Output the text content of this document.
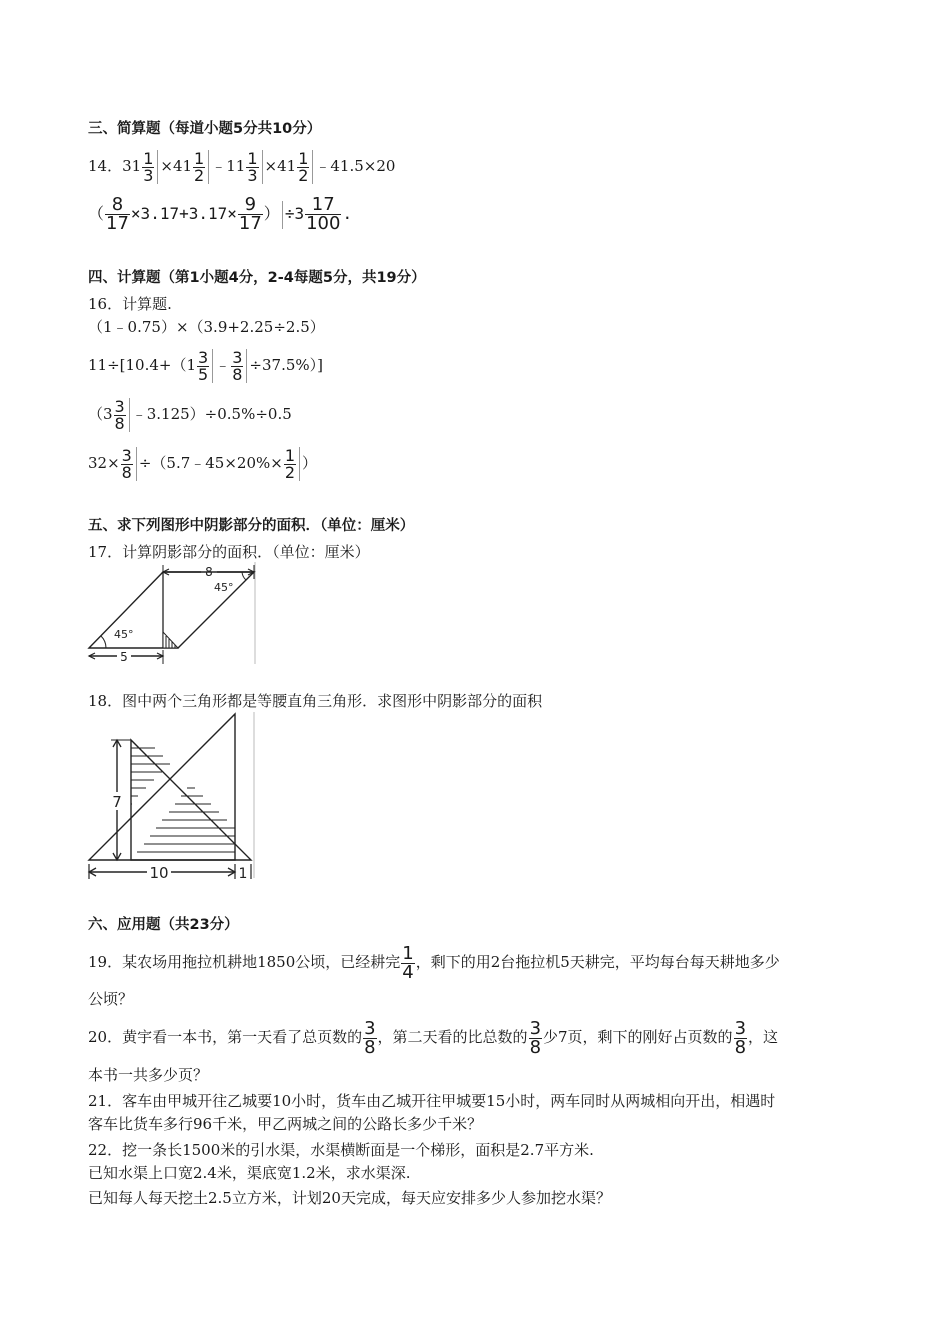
三、简算题（每道小题5分共10分）
14．$31 \frac{1}{3} \times 41 \frac{1}{2}$ ﹣11 $\frac{1}{3} \times 41 \frac{1}{2}$ ﹣41.5×20
（ $\frac{8}{17} \times 3.17+3.17\times \frac{9}{17}$ ） $\div 3 \frac{17}{100}$ .
四、计算题（第1小题4分，2-4每题5分，共19分）
16．计算题.
（1﹣0.75）×（3.9+2.25÷2.5）
$11\div[10.4+(1 \frac{3}{5}$ ﹣ $\frac{3}{8} \div 37.5\%$）]
（$3 \frac{3}{8}$ ﹣3.125）÷0.5%÷0.5
$32\times \frac{3}{8}$ ÷（5.7﹣45×20%× $\frac{1}{2}$ ）
五、求下列图形中阴影部分的面积．（单位：厘米）
17．计算阴影部分的面积．（单位：厘米）
8
45°
45°
5
18．图中两个三角形都是等腰直角三角形．求图形中阴影部分的面积
7
10	1
六、应用题（共23分）
19．某农场用拖拉机耕地1850公顷，已经耕完 $\frac{1}{4}$ ，剩下的用2台拖拉机5天耕完，平均每台每天耕地多少
公顷？
20．黄宇看一本书，第一天看了总页数的 $\frac{3}{8}$ ，第二天看的比总数的 $\frac{3}{8}$ 少7页，剩下的刚好占页数的 $\frac{3}{8}$ ，这
本书一共多少页？
21．客车由甲城开往乙城要10小时，货车由乙城开往甲城要15小时，两车同时从两城相向开出，相遇时
客车比货车多行96千米，甲乙两城之间的公路长多少千米？
22．挖一条长1500米的引水渠，水渠横断面是一个梯形，面积是2.7平方米.
已知水渠上口宽2.4米，渠底宽1.2米，求水渠深.
已知每人每天挖土2.5立方米，计划20天完成，每天应安排多少人参加挖水渠？
